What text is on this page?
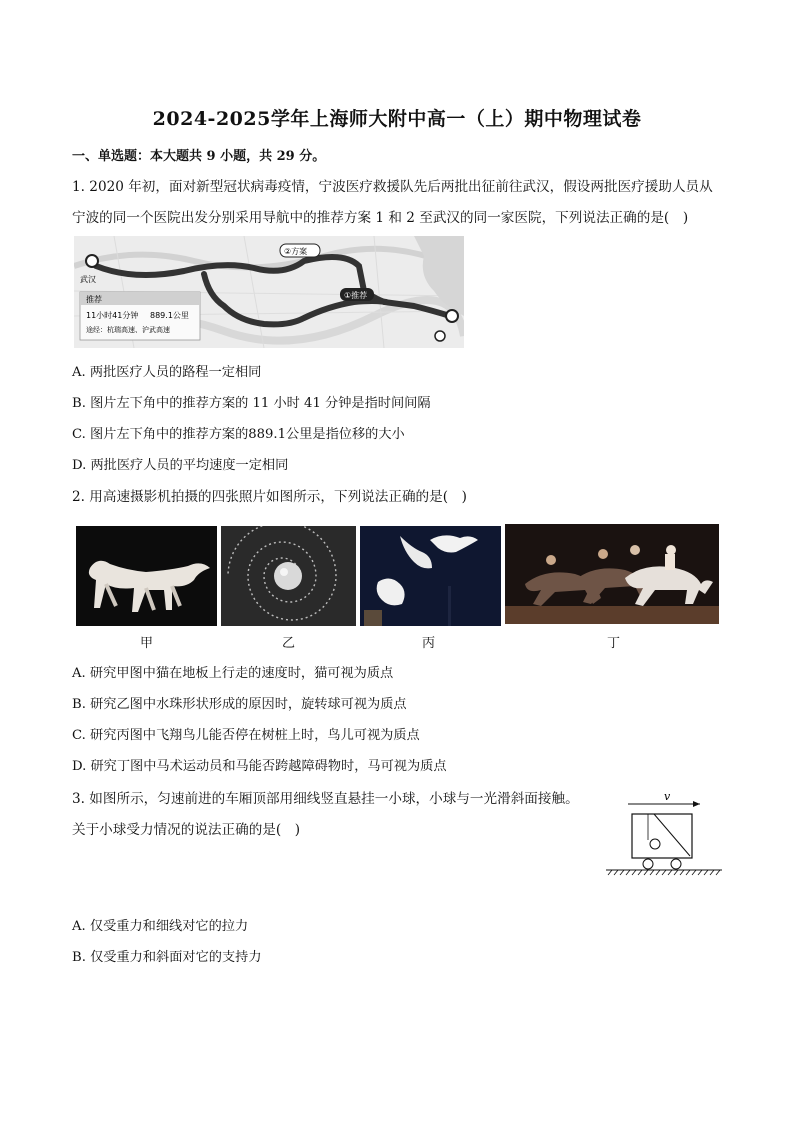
2024-2025学年上海师大附中高一（上）期中物理试卷
一、单选题：本大题共 9 小题，共 29 分。
1. 2020 年初，面对新型冠状病毒疫情，宁波医疗救援队先后两批出征前往武汉，假设两批医疗援助人员从
宁波的同一个医院出发分别采用导航中的推荐方案 1 和 2 至武汉的同一家医院，下列说法正确的是(　)
推荐
11小时41分钟 889.1公里
途经：杭瑞高速、沪武高速
②方案
①推荐
武汉
A. 两批医疗人员的路程一定相同
B. 图片左下角中的推荐方案的 11 小时 41 分钟是指时间间隔
C. 图片左下角中的推荐方案的889.1公里是指位移的大小
D. 两批医疗人员的平均速度一定相同
2. 用高速摄影机拍摄的四张照片如图所示，下列说法正确的是(　)
甲	乙	丙	丁
A. 研究甲图中猫在地板上行走的速度时，猫可视为质点
B. 研究乙图中水珠形状形成的原因时，旋转球可视为质点
C. 研究丙图中飞翔鸟儿能否停在树桩上时，鸟儿可视为质点
D. 研究丁图中马术运动员和马能否跨越障碍物时，马可视为质点
3. 如图所示，匀速前进的车厢顶部用细线竖直悬挂一小球，小球与一光滑斜面接触。
关于小球受力情况的说法正确的是(　)
v
A. 仅受重力和细线对它的拉力
B. 仅受重力和斜面对它的支持力
